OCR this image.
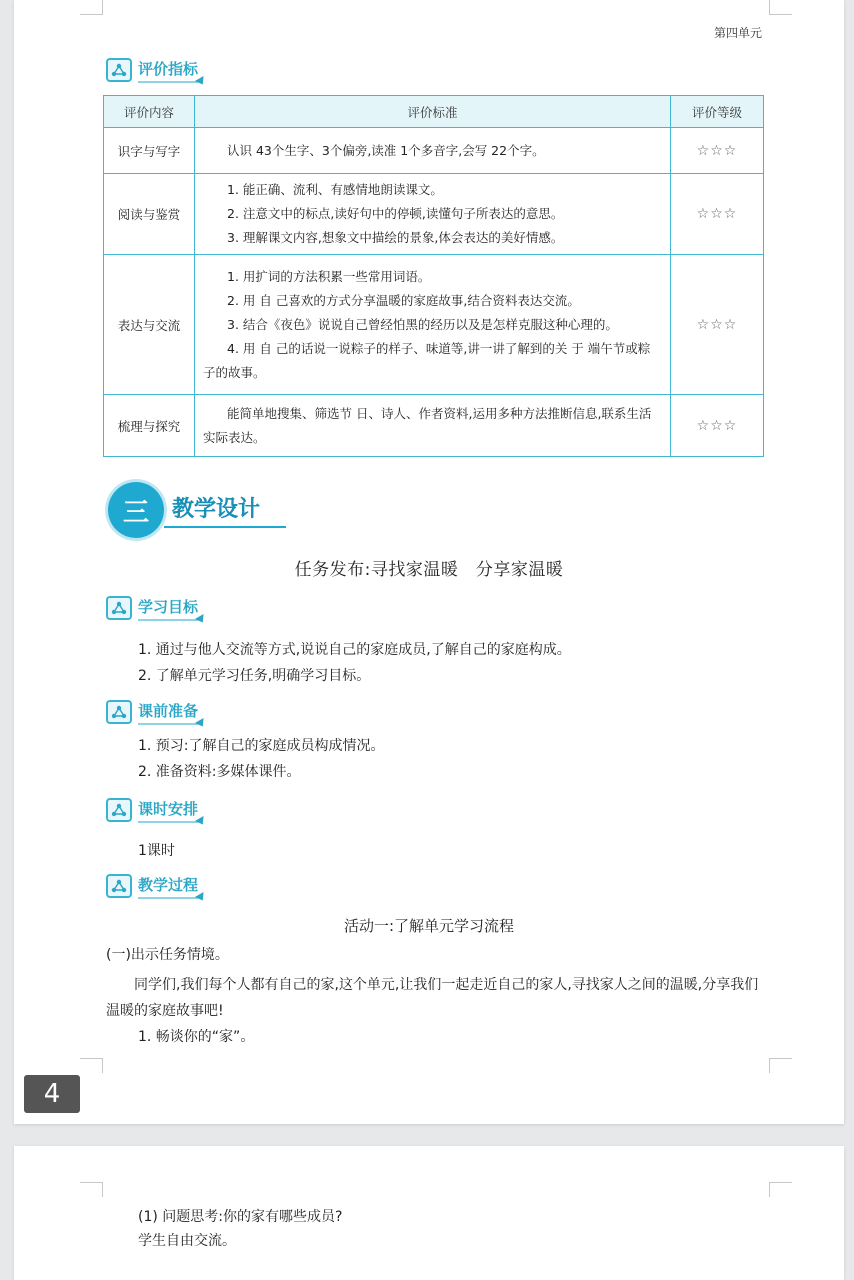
第四单元
评价指标
评价内容	评价标准	评价等级
识字与写字	认识 43个生字、3个偏旁,读准 1个多音字,会写 22个字。	☆☆☆
阅读与鉴赏	1. 能正确、流利、有感情地朗读课文。
2. 注意文中的标点,读好句中的停顿,读懂句子所表达的意思。
3. 理解课文内容,想象文中描绘的景象,体会表达的美好情感。	☆☆☆
表达与交流	1. 用扩词的方法积累一些常用词语。
2. 用 自 己喜欢的方式分享温暖的家庭故事,结合资料表达交流。
3. 结合《夜色》说说自己曾经怕黑的经历以及是怎样克服这种心理的。
4. 用 自 己的话说一说粽子的样子、味道等,讲一讲了解到的关 于 端午节或粽子的故事。	☆☆☆
梳理与探究	能简单地搜集、筛选节 日、诗人、作者资料,运用多种方法推断信息,联系生活实际表达。	☆☆☆
三	教学设计
任务发布:寻找家温暖　分享家温暖
学习目标
1. 通过与他人交流等方式,说说自己的家庭成员,了解自己的家庭构成。
2. 了解单元学习任务,明确学习目标。
课前准备
1. 预习:了解自己的家庭成员构成情况。
2. 准备资料:多媒体课件。
课时安排
1课时
教学过程
活动一:了解单元学习流程
(一)出示任务情境。
同学们,我们每个人都有自己的家,这个单元,让我们一起走近自己的家人,寻找家人之间的温暖,分享我们温暖的家庭故事吧!
1. 畅谈你的“家”。
4
(1) 问题思考:你的家有哪些成员?
学生自由交流。
